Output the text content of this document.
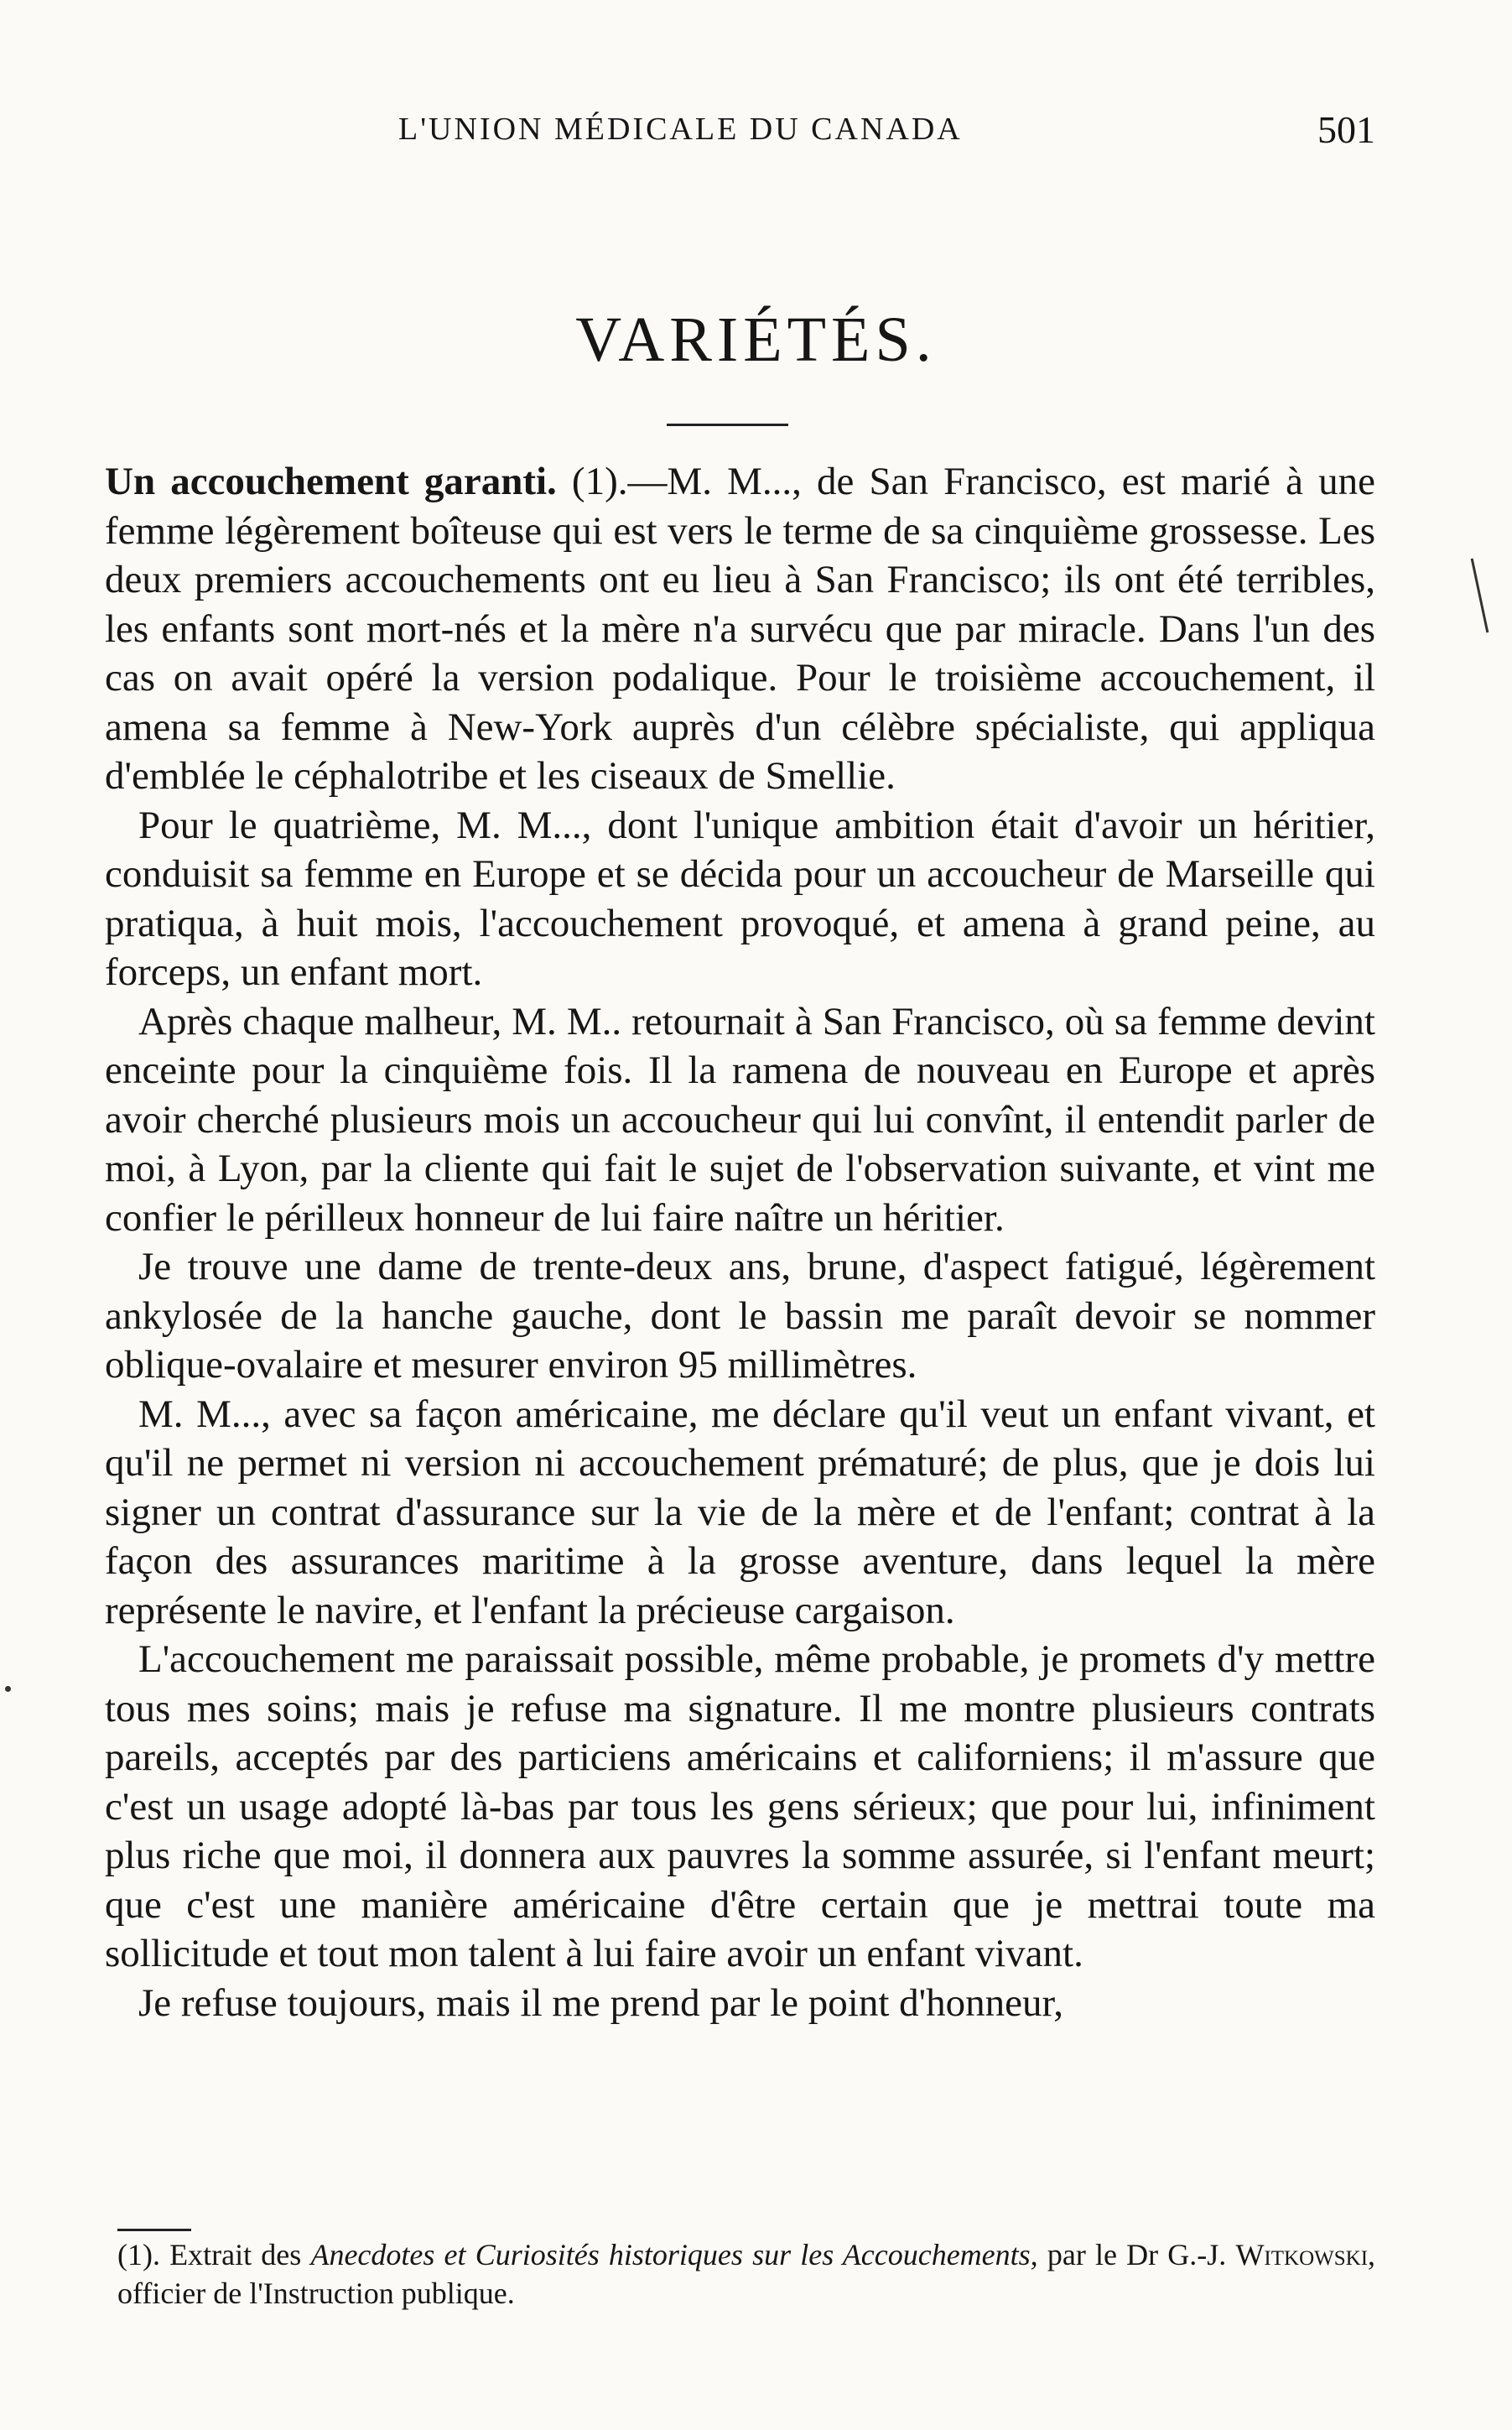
L'UNION MÉDICALE DU CANADA	501
VARIÉTÉS.

Un accouchement garanti. (1).—M. M..., de San Francisco, est marié à une femme légèrement boîteuse qui est vers le terme de sa cinquième grossesse. Les deux premiers accouchements ont eu lieu à San Francisco; ils ont été terribles, les enfants sont mort-nés et la mère n'a survécu que par miracle. Dans l'un des cas on avait opéré la version podalique. Pour le troisième accouchement, il amena sa femme à New-York auprès d'un célèbre spécialiste, qui appliqua d'emblée le céphalotribe et les ciseaux de Smellie.

Pour le quatrième, M. M..., dont l'unique ambition était d'avoir un héritier, conduisit sa femme en Europe et se décida pour un accoucheur de Marseille qui pratiqua, à huit mois, l'accouchement provoqué, et amena à grand peine, au forceps, un enfant mort.

Après chaque malheur, M. M.. retournait à San Francisco, où sa femme devint enceinte pour la cinquième fois. Il la ramena de nouveau en Europe et après avoir cherché plusieurs mois un accoucheur qui lui convînt, il entendit parler de moi, à Lyon, par la cliente qui fait le sujet de l'observation suivante, et vint me confier le périlleux honneur de lui faire naître un héritier.

Je trouve une dame de trente-deux ans, brune, d'aspect fatigué, légèrement ankylosée de la hanche gauche, dont le bassin me paraît devoir se nommer oblique-ovalaire et mesurer environ 95 millimètres.

M. M..., avec sa façon américaine, me déclare qu'il veut un enfant vivant, et qu'il ne permet ni version ni accouchement prématuré; de plus, que je dois lui signer un contrat d'assurance sur la vie de la mère et de l'enfant; contrat à la façon des assurances maritime à la grosse aventure, dans lequel la mère représente le navire, et l'enfant la précieuse cargaison.

L'accouchement me paraissait possible, même probable, je promets d'y mettre tous mes soins; mais je refuse ma signature. Il me montre plusieurs contrats pareils, acceptés par des particiens américains et californiens; il m'assure que c'est un usage adopté là-bas par tous les gens sérieux; que pour lui, infiniment plus riche que moi, il donnera aux pauvres la somme assurée, si l'enfant meurt; que c'est une manière américaine d'être certain que je mettrai toute ma sollicitude et tout mon talent à lui faire avoir un enfant vivant.

Je refuse toujours, mais il me prend par le point d'honneur,

(1). Extrait des Anecdotes et Curiosités historiques sur les Accouchements, par le Dr G.-J. Witkowski, officier de l'Instruction publique.
